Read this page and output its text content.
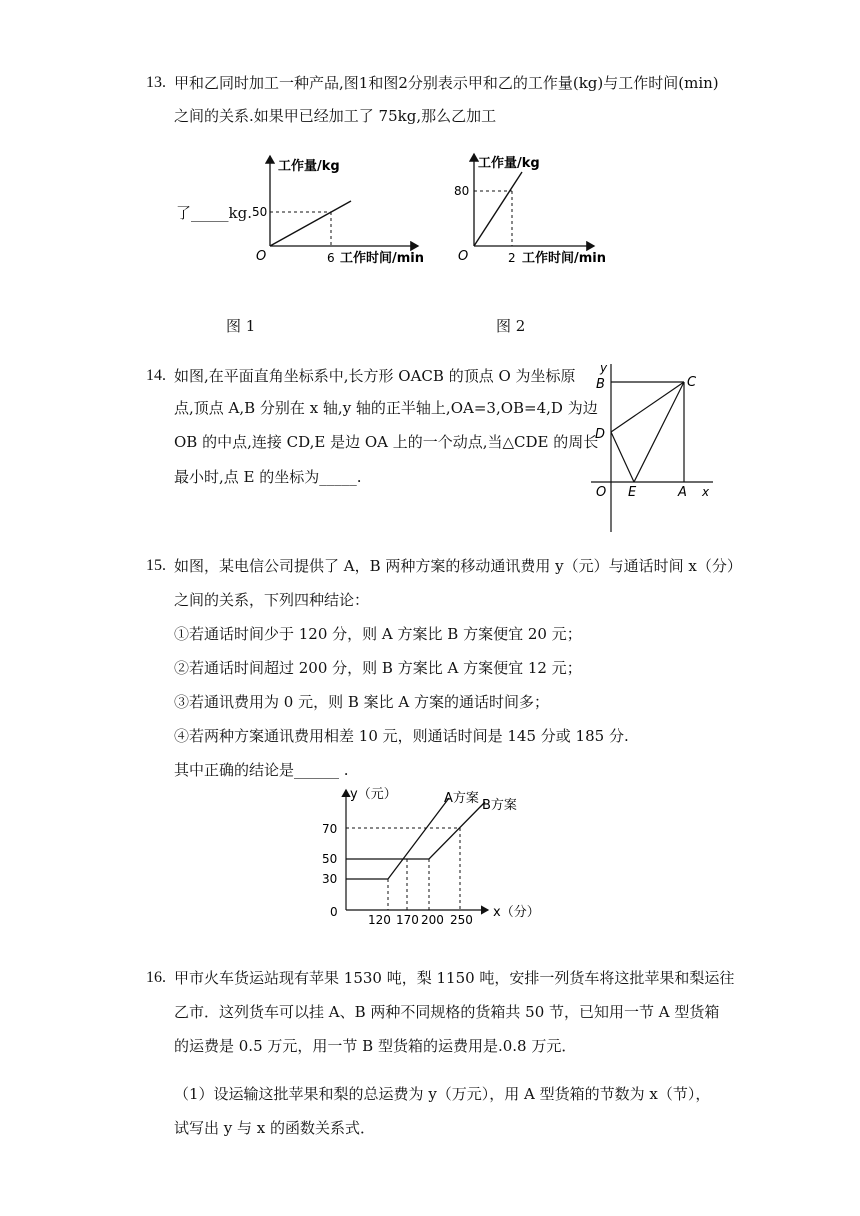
13. 甲和乙同时加工一种产品,图1和图2分别表示甲和乙的工作量(kg)与工作时间(min)
之间的关系.如果甲已经加工了 75kg,那么乙加工
了_____kg.
工作量/kg
50
O	6 工作时间/min
图 1
工作量/kg
80
O	2 工作时间/min
图 2
14. 如图,在平面直角坐标系中,长方形 OACB 的顶点 O 为坐标原
点,顶点 A,B 分别在 x 轴,y 轴的正半轴上,OA=3,OB=4,D 为边
OB 的中点,连接 CD,E 是边 OA 上的一个动点,当△CDE 的周长
最小时,点 E 的坐标为_____.
y
B	C
D
O E	A x
15. 如图，某电信公司提供了 A，B 两种方案的移动通讯费用 y（元）与通话时间 x（分）
之间的关系，下列四种结论：
①若通话时间少于 120 分，则 A 方案比 B 方案便宜 20 元；
②若通话时间超过 200 分，则 B 方案比 A 方案便宜 12 元；
③若通讯费用为 0 元，则 B 案比 A 方案的通话时间多；
④若两种方案通讯费用相差 10 元，则通话时间是 145 分或 185 分.
其中正确的结论是______ .
y（元）
70
50
30
0
120 170 200 250 x（分）
A方案 B方案
16. 甲市火车货运站现有苹果 1530 吨，梨 1150 吨，安排一列货车将这批苹果和梨运往
乙市．这列货车可以挂 A、B 两种不同规格的货箱共 50 节，已知用一节 A 型货箱
的运费是 0.5 万元，用一节 B 型货箱的运费用是.0.8 万元．
（1）设运输这批苹果和梨的总运费为 y（万元），用 A 型货箱的节数为 x（节），
试写出 y 与 x 的函数关系式．
